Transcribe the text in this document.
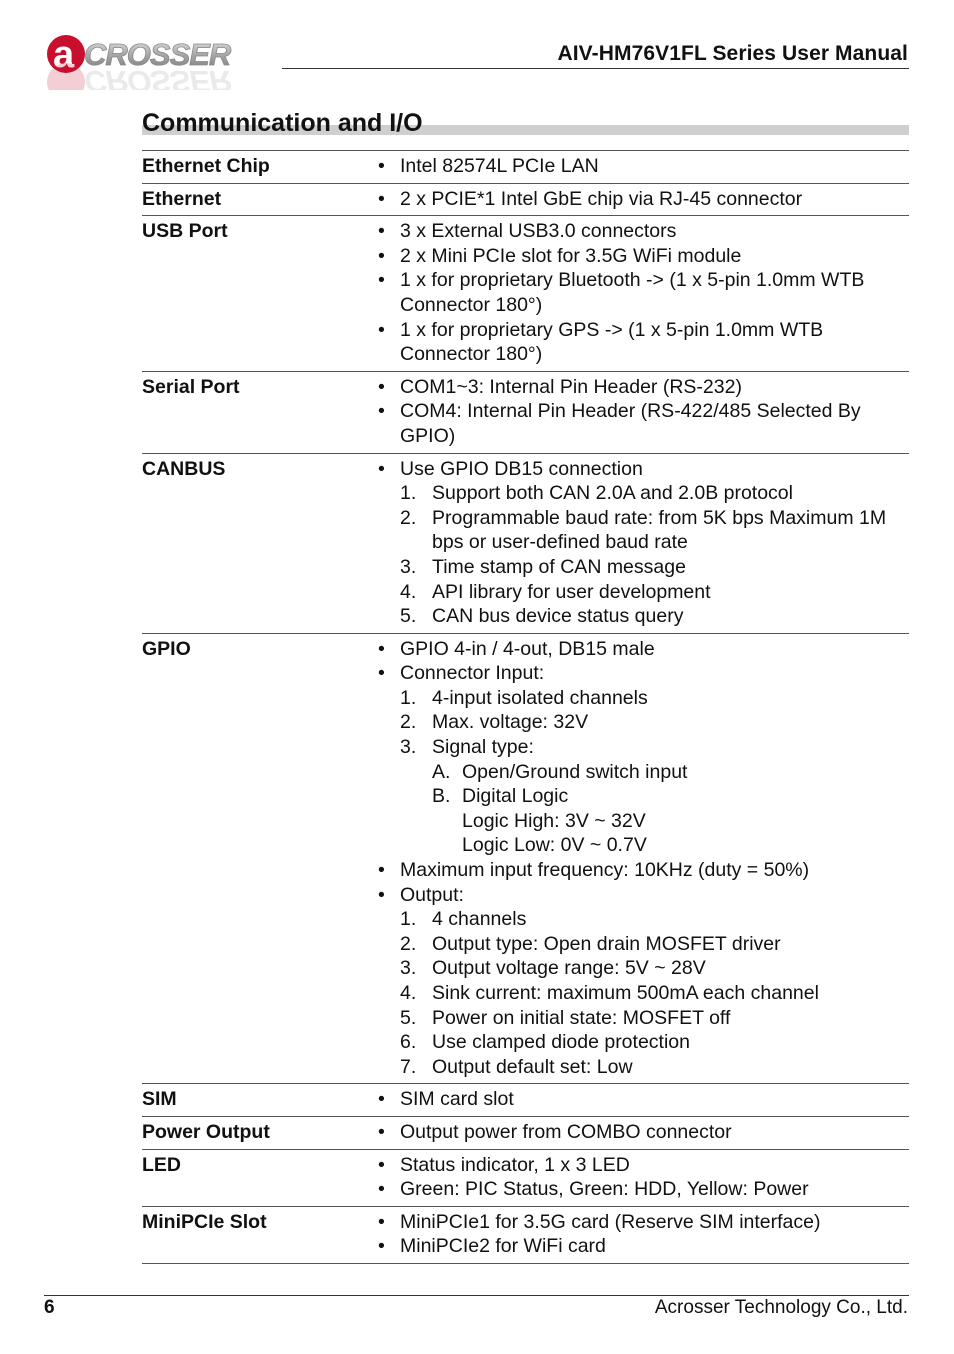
a CROSSER
CROSSER
AIV-HM76V1FL Series User Manual
Communication and I/O
Ethernet Chip	• Intel 82574L PCIe LAN
Ethernet	• 2 x PCIE*1 Intel GbE chip via RJ-45 connector
USB Port	• 3 x External USB3.0 connectors
• 2 x Mini PCIe slot for 3.5G WiFi module
• 1 x for proprietary Bluetooth -> (1 x 5-pin 1.0mm WTB Connector 180°)
• 1 x for proprietary GPS -> (1 x 5-pin 1.0mm WTB Connector 180°)
Serial Port	• COM1~3: Internal Pin Header (RS-232)
• COM4: Internal Pin Header (RS-422/485 Selected By GPIO)
CANBUS	• Use GPIO DB15 connection
1. Support both CAN 2.0A and 2.0B protocol
2. Programmable baud rate: from 5K bps Maximum 1M bps or user-defined baud rate
3. Time stamp of CAN message
4. API library for user development
5. CAN bus device status query
GPIO	• GPIO 4-in / 4-out, DB15 male
• Connector Input:
1. 4-input isolated channels
2. Max. voltage: 32V
3. Signal type:
A. Open/Ground switch input
B. Digital Logic
Logic High: 3V ~ 32V
Logic Low: 0V ~ 0.7V
• Maximum input frequency: 10KHz (duty = 50%)
• Output:
1. 4 channels
2. Output type: Open drain MOSFET driver
3. Output voltage range: 5V ~ 28V
4. Sink current: maximum 500mA each channel
5. Power on initial state: MOSFET off
6. Use clamped diode protection
7. Output default set: Low
SIM	• SIM card slot
Power Output	• Output power from COMBO connector
LED	• Status indicator, 1 x 3 LED
• Green: PIC Status, Green: HDD, Yellow: Power
MiniPCIe Slot	• MiniPCIe1 for 3.5G card (Reserve SIM interface)
• MiniPCIe2 for WiFi card
6	Acrosser Technology Co., Ltd.
